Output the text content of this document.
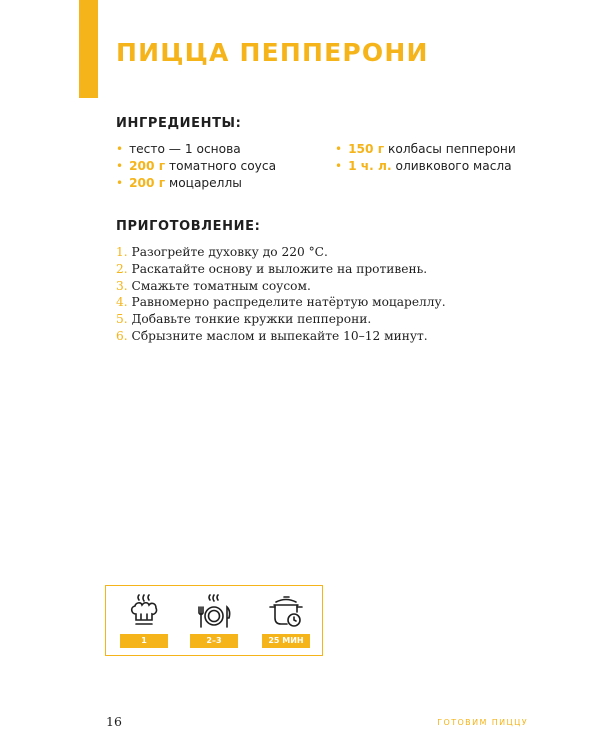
ПИЦЦА ПЕППЕРОНИ
ИНГРЕДИЕНТЫ:
• тесто — 1 основа
• 200 г томатного соуса
• 200 г моцареллы
• 150 г колбасы пепперони
• 1 ч. л. оливкового масла
ПРИГОТОВЛЕНИЕ:
1. Разогрейте духовку до 220 °С.
2. Раскатайте основу и выложите на противень.
3. Смажьте томатным соусом.
4. Равномерно распределите натёртую моцареллу.
5. Добавьте тонкие кружки пепперони.
6. Сбрызните маслом и выпекайте 10–12 минут.
1	2–3	25 МИН
16	ГОТОВИМ ПИЦЦУ
